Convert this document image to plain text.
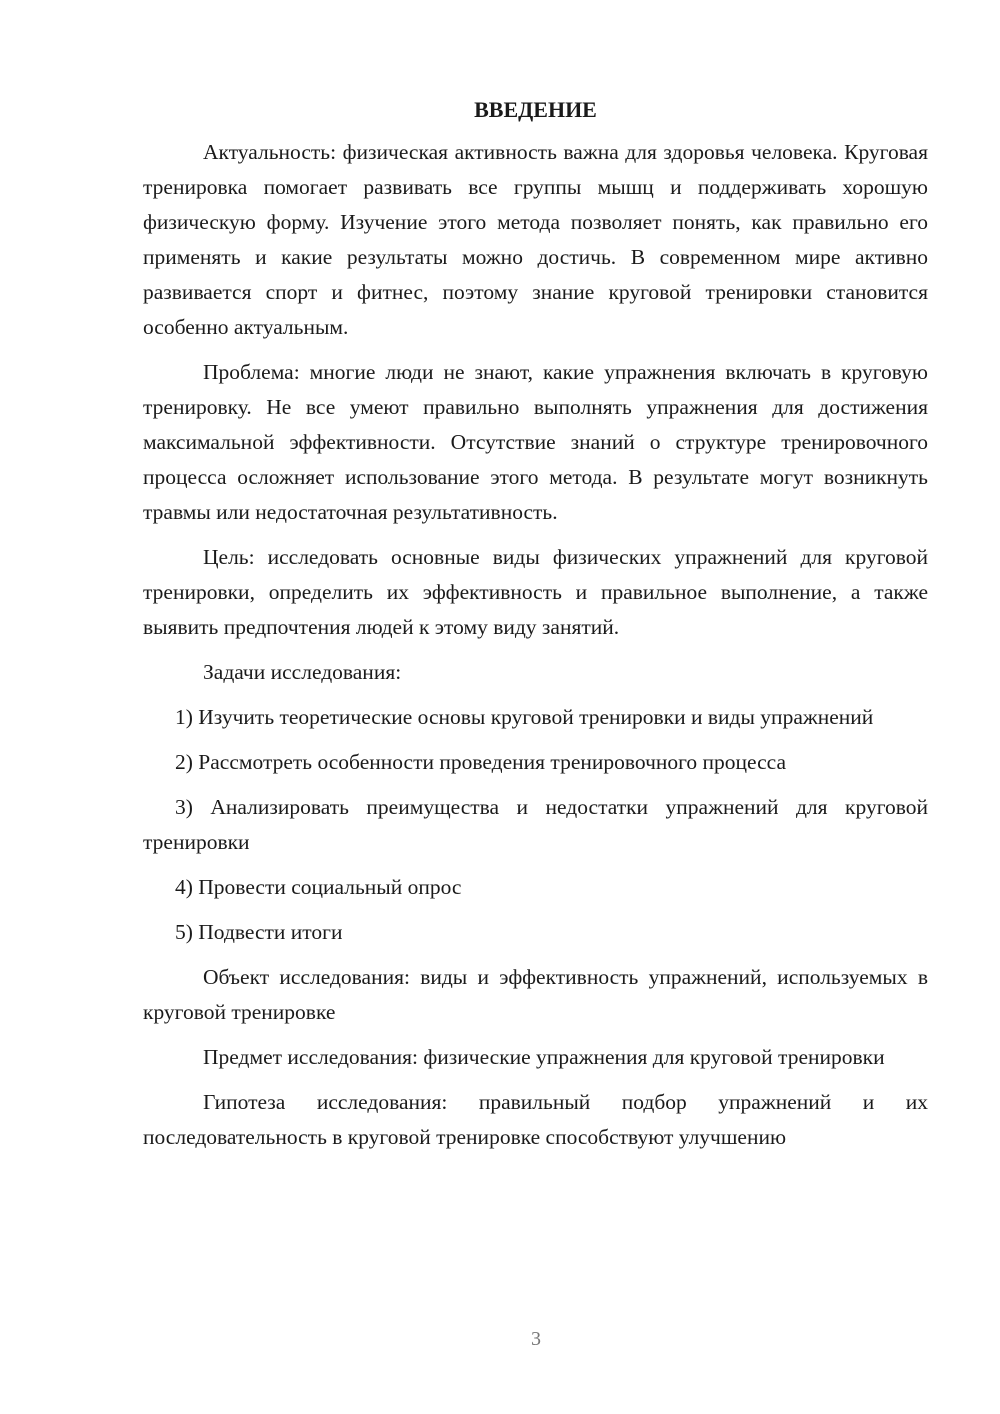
ВВЕДЕНИЕ

Актуальность: физическая активность важна для здоровья человека. Круговая тренировка помогает развивать все группы мышц и поддерживать хорошую физическую форму. Изучение этого метода позволяет понять, как правильно его применять и какие результаты можно достичь. В современном мире активно развивается спорт и фитнес, поэтому знание круговой тренировки становится особенно актуальным.

Проблема: многие люди не знают, какие упражнения включать в круговую тренировку. Не все умеют правильно выполнять упражнения для достижения максимальной эффективности. Отсутствие знаний о структуре тренировочного процесса осложняет использование этого метода. В результате могут возникнуть травмы или недостаточная результативность.

Цель: исследовать основные виды физических упражнений для круговой тренировки, определить их эффективность и правильное выполнение, а также выявить предпочтения людей к этому виду занятий.

Задачи исследования:

1) Изучить теоретические основы круговой тренировки и виды упражнений

2) Рассмотреть особенности проведения тренировочного процесса

3) Анализировать преимущества и недостатки упражнений для круговой тренировки

4) Провести социальный опрос

5) Подвести итоги

Объект исследования: виды и эффективность упражнений, используемых в круговой тренировке

Предмет исследования: физические упражнения для круговой тренировки

Гипотеза исследования: правильный подбор упражнений и их последовательность в круговой тренировке способствуют улучшению

3
